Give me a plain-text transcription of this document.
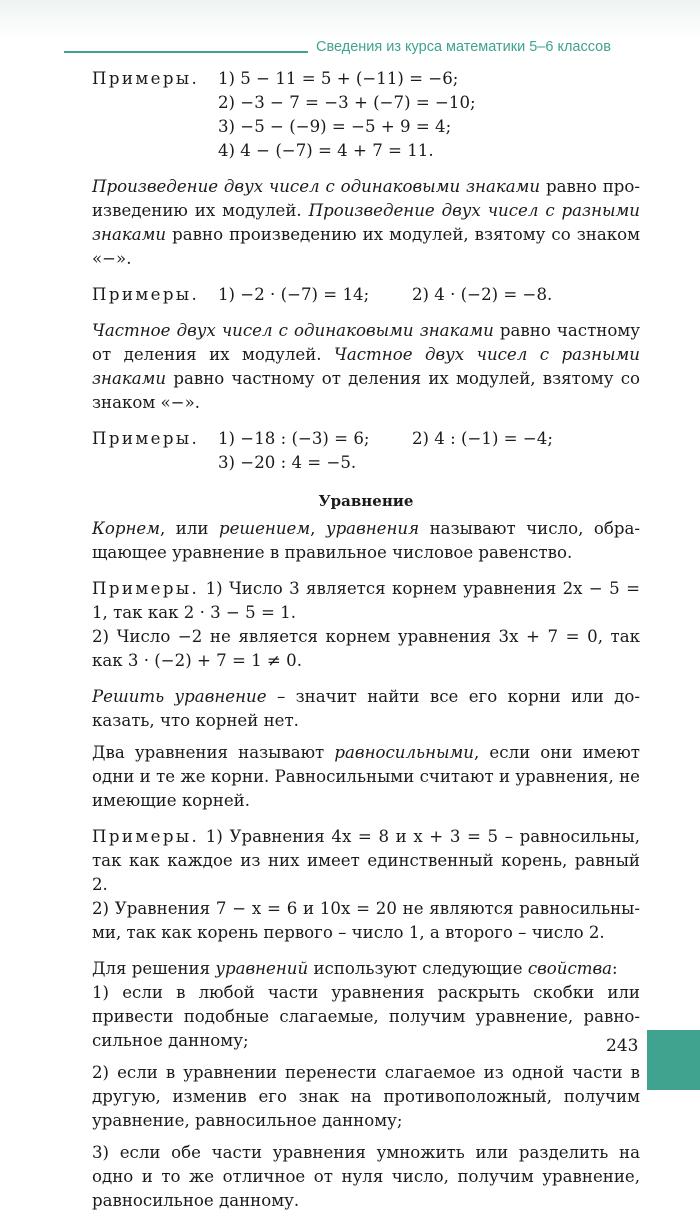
Сведения из курса математики 5–6 классов
Примеры.	1) 5 − 11 = 5 + (−11) = −6;
2) −3 − 7 = −3 + (−7) = −10;
3) −5 − (−9) = −5 + 9 = 4;
4) 4 − (−7) = 4 + 7 = 11.

Произведение двух чисел с одинаковыми знаками равно произведению их модулей. Произведение двух чисел с разными знаками равно произведению их модулей, взятому со знаком «−».

Примеры.	1) −2 · (−7) = 14;	2) 4 · (−2) = −8.

Частное двух чисел с одинаковыми знаками равно частному от деления их модулей. Частное двух чисел с разными знаками равно частному от деления их модулей, взятому со знаком «−».

Примеры.	1) −18 : (−3) = 6;	2) 4 : (−1) = −4;
3) −20 : 4 = −5.
Уравнение

Корнем, или решением, уравнения называют число, обращающее уравнение в правильное числовое равенство.

Примеры. 1) Число 3 является корнем уравнения 2x − 5 = 1, так как 2 · 3 − 5 = 1.

2) Число −2 не является корнем уравнения 3x + 7 = 0, так как 3 · (−2) + 7 = 1 ≠ 0.

Решить уравнение – значит найти все его корни или доказать, что корней нет.

Два уравнения называют равносильными, если они имеют одни и те же корни. Равносильными считают и уравнения, не имеющие корней.

Примеры. 1) Уравнения 4x = 8 и x + 3 = 5 – равносильны, так как каждое из них имеет единственный корень, равный 2.

2) Уравнения 7 − x = 6 и 10x = 20 не являются равносильными, так как корень первого – число 1, а второго – число 2.

Для решения уравнений используют следующие свойства:

1) если в любой части уравнения раскрыть скобки или привести подобные слагаемые, получим уравнение, равносильное данному;

2) если в уравнении перенести слагаемое из одной части в другую, изменив его знак на противоположный, получим уравнение, равносильное данному;

3) если обе части уравнения умножить или разделить на одно и то же отличное от нуля число, получим уравнение, равносильное данному.

243
